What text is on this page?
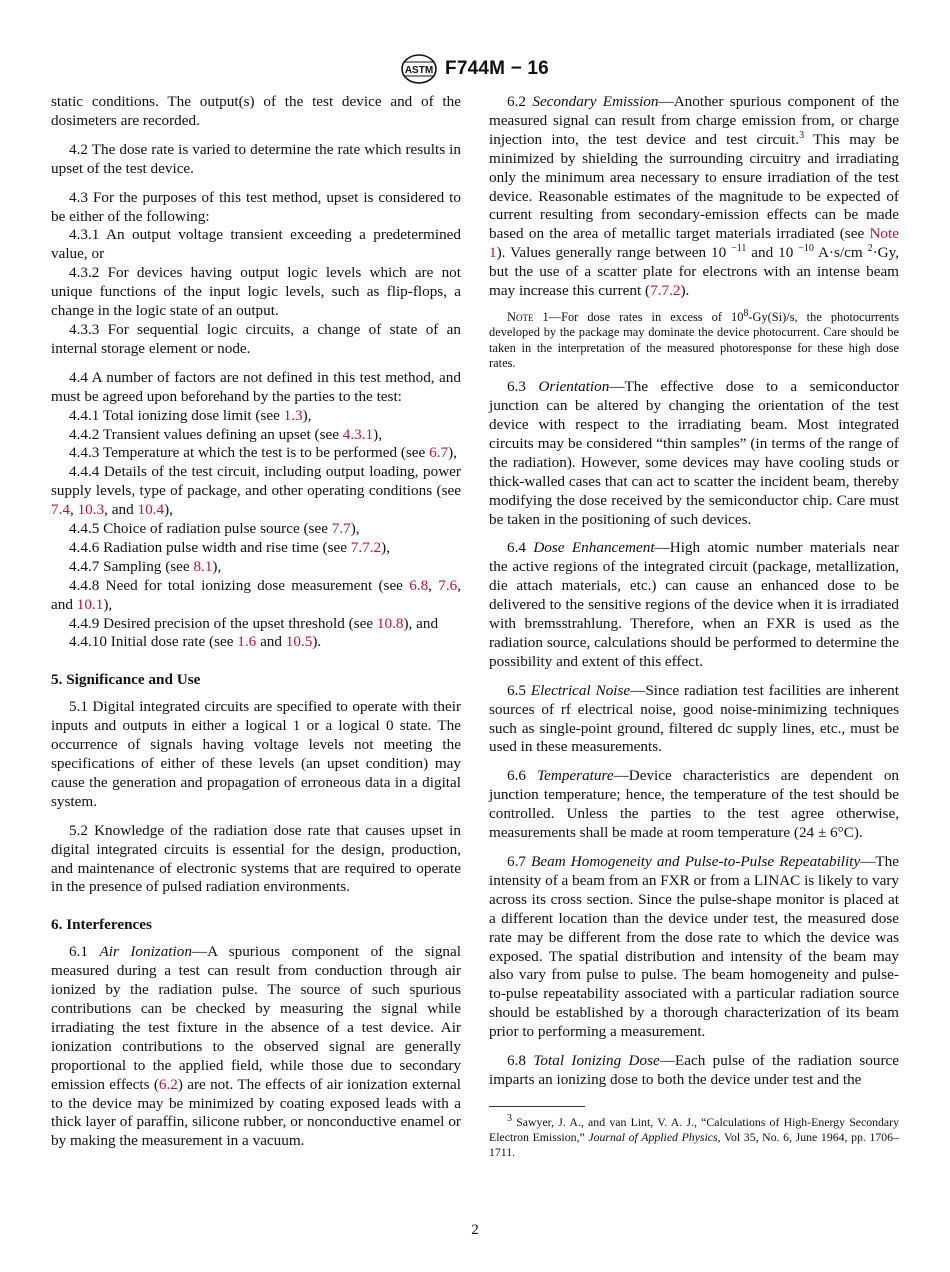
ASTM F744M − 16

static conditions. The output(s) of the test device and of the dosimeters are recorded.

4.2 The dose rate is varied to determine the rate which results in upset of the test device.

4.3 For the purposes of this test method, upset is considered to be either of the following:

4.3.1 An output voltage transient exceeding a predetermined value, or

4.3.2 For devices having output logic levels which are not unique functions of the input logic levels, such as flip-flops, a change in the logic state of an output.

4.3.3 For sequential logic circuits, a change of state of an internal storage element or node.

4.4 A number of factors are not defined in this test method, and must be agreed upon beforehand by the parties to the test:

4.4.1 Total ionizing dose limit (see 1.3),

4.4.2 Transient values defining an upset (see 4.3.1),

4.4.3 Temperature at which the test is to be performed (see 6.7),

4.4.4 Details of the test circuit, including output loading, power supply levels, type of package, and other operating conditions (see 7.4, 10.3, and 10.4),

4.4.5 Choice of radiation pulse source (see 7.7),

4.4.6 Radiation pulse width and rise time (see 7.7.2),

4.4.7 Sampling (see 8.1),

4.4.8 Need for total ionizing dose measurement (see 6.8, 7.6, and 10.1),

4.4.9 Desired precision of the upset threshold (see 10.8), and

4.4.10 Initial dose rate (see 1.6 and 10.5).

5. Significance and Use

5.1 Digital integrated circuits are specified to operate with their inputs and outputs in either a logical 1 or a logical 0 state. The occurrence of signals having voltage levels not meeting the specifications of either of these levels (an upset condition) may cause the generation and propagation of erroneous data in a digital system.

5.2 Knowledge of the radiation dose rate that causes upset in digital integrated circuits is essential for the design, production, and maintenance of electronic systems that are required to operate in the presence of pulsed radiation environments.

6. Interferences

6.1 Air Ionization—A spurious component of the signal measured during a test can result from conduction through air ionized by the radiation pulse. The source of such spurious contributions can be checked by measuring the signal while irradiating the test fixture in the absence of a test device. Air ionization contributions to the observed signal are generally proportional to the applied field, while those due to secondary emission effects (6.2) are not. The effects of air ionization external to the device may be minimized by coating exposed leads with a thick layer of paraffin, silicone rubber, or nonconductive enamel or by making the measurement in a vacuum.

6.2 Secondary Emission—Another spurious component of the measured signal can result from charge emission from, or charge injection into, the test device and test circuit.$^3$ This may be minimized by shielding the surrounding circuitry and irradiating only the minimum area necessary to ensure irradiation of the test device. Reasonable estimates of the magnitude to be expected of current resulting from secondary-emission effects can be made based on the area of metallic target materials irradiated (see Note 1). Values generally range between 10 $^{-11}$ and 10 $^{-10}$ A·s/cm $^2$·Gy, but the use of a scatter plate for electrons with an intense beam may increase this current (7.7.2).

Note 1—For dose rates in excess of $10^8-Gy(Si)/s$, the photocurrents developed by the package may dominate the device photocurrent. Care should be taken in the interpretation of the measured photoresponse for these high dose rates.

6.3 Orientation—The effective dose to a semiconductor junction can be altered by changing the orientation of the test device with respect to the irradiating beam. Most integrated circuits may be considered “thin samples” (in terms of the range of the radiation). However, some devices may have cooling studs or thick-walled cases that can act to scatter the incident beam, thereby modifying the dose received by the semiconductor chip. Care must be taken in the positioning of such devices.

6.4 Dose Enhancement—High atomic number materials near the active regions of the integrated circuit (package, metallization, die attach materials, etc.) can cause an enhanced dose to be delivered to the sensitive regions of the device when it is irradiated with bremsstrahlung. Therefore, when an FXR is used as the radiation source, calculations should be performed to determine the possibility and extent of this effect.

6.5 Electrical Noise—Since radiation test facilities are inherent sources of rf electrical noise, good noise-minimizing techniques such as single-point ground, filtered dc supply lines, etc., must be used in these measurements.

6.6 Temperature—Device characteristics are dependent on junction temperature; hence, the temperature of the test should be controlled. Unless the parties to the test agree otherwise, measurements shall be made at room temperature (24 ± 6°C).

6.7 Beam Homogeneity and Pulse-to-Pulse Repeatability—The intensity of a beam from an FXR or from a LINAC is likely to vary across its cross section. Since the pulse-shape monitor is placed at a different location than the device under test, the measured dose rate may be different from the dose rate to which the device was exposed. The spatial distribution and intensity of the beam may also vary from pulse to pulse. The beam homogeneity and pulse-to-pulse repeatability associated with a particular radiation source should be established by a thorough characterization of its beam prior to performing a measurement.

6.8 Total Ionizing Dose—Each pulse of the radiation source imparts an ionizing dose to both the device under test and the

$^3$ Sawyer, J. A., and van Lint, V. A. J., “Calculations of High-Energy Secondary Electron Emission,” Journal of Applied Physics, Vol 35, No. 6, June 1964, pp. 1706–1711.

2
